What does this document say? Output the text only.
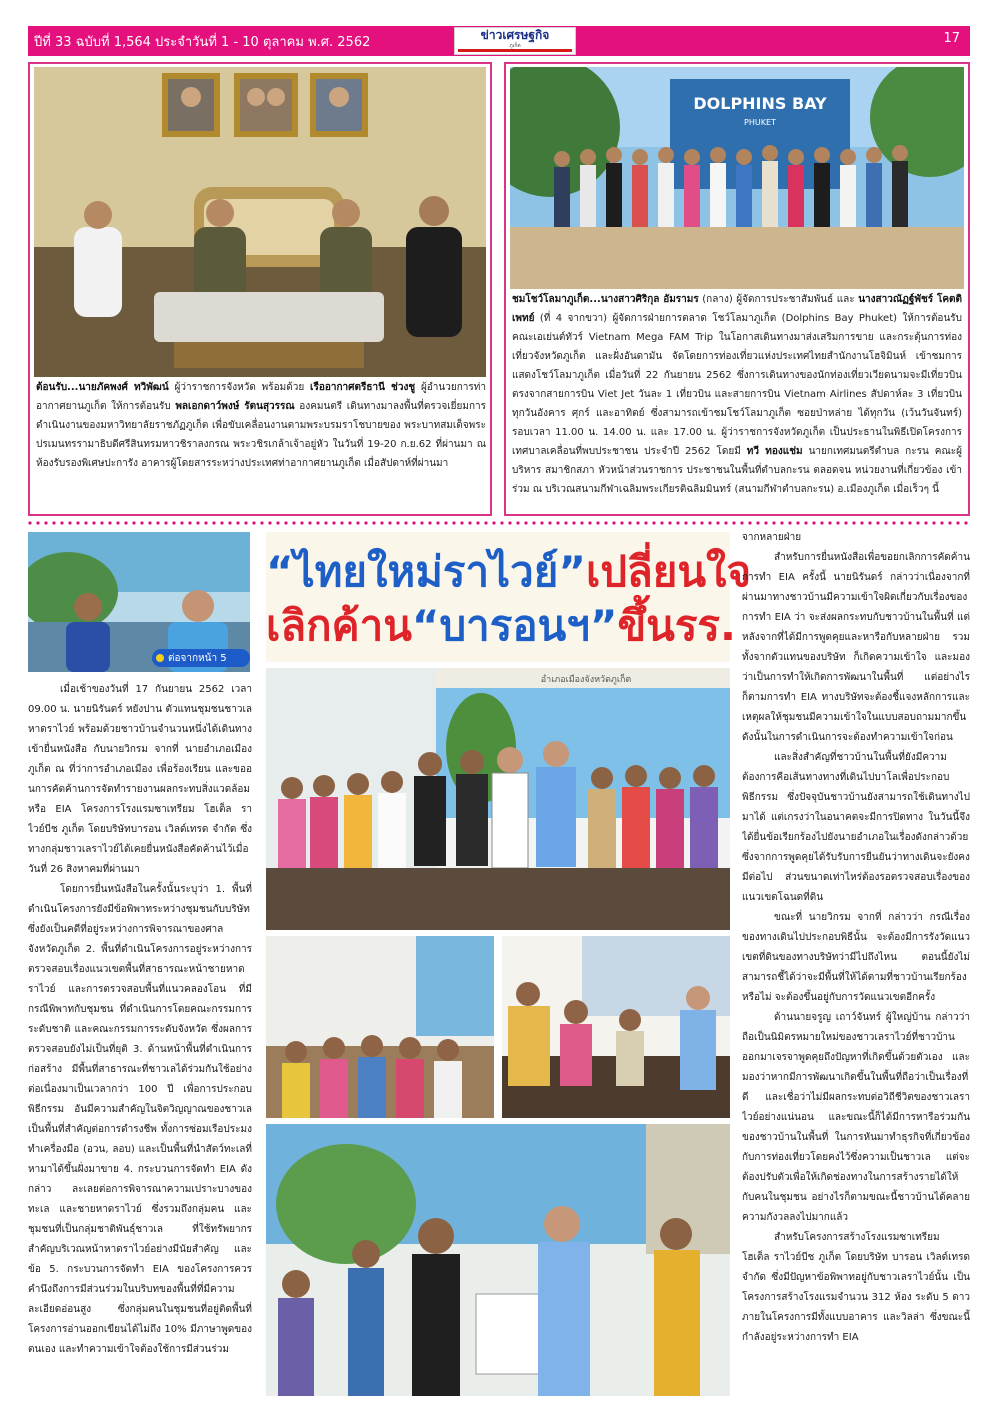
ปีที่ 33 ฉบับที่ 1,564 ประจำวันที่ 1 - 10 ตุลาคม พ.ศ. 2562	ข่าวเศรษฐกิจ
ภูเก็ต	17
ต้อนรับ...นายภัคพงศ์ ทวิพัฒน์ ผู้ว่าราชการจังหวัด พร้อมด้วย เรืออากาศตรีธานี ช่วงชู ผู้อำนวยการท่าอากาศยานภูเก็ต ให้การต้อนรับ พลเอกดาว์พงษ์ รัตนสุวรรณ องคมนตรี เดินทางมาลงพื้นที่ตรวจเยี่ยมการดำเนินงานของมหาวิทยาลัยราชภัฏภูเก็ต เพื่อขับเคลื่อนงานตามพระบรมราโชบายของ พระบาทสมเด็จพระปรเมนทรรามาธิบดีศรีสินทรมหาวชิราลงกรณ พระวชิรเกล้าเจ้าอยู่หัว ในวันที่ 19-20 ก.ย.62 ที่ผ่านมา ณ ห้องรับรองพิเศษปะการัง อาคารผู้โดยสารระหว่างประเทศท่าอากาศยานภูเก็ต เมื่อสัปดาห์ที่ผ่านมา
DOLPHINS BAY
PHUKET
ชมโชว์โลมาภูเก็ต...นางสาวศิริกุล อัมรามร (กลาง) ผู้จัดการประชาสัมพันธ์ และ นางสาวณัฏฐ์พัชร์ โคตติเพทย์ (ที่ 4 จากขวา) ผู้จัดการฝ่ายการตลาด โชว์โลมาภูเก็ต (Dolphins Bay Phuket) ให้การต้อนรับคณะเอเย่นต์ทัวร์ Vietnam Mega FAM Trip ในโอกาสเดินทางมาส่งเสริมการขาย และกระตุ้นการท่องเที่ยวจังหวัดภูเก็ต และฝั่งอันดามัน จัดโดยการท่องเที่ยวแห่งประเทศไทยสำนักงานโฮจิมินห์ เข้าชมการแสดงโชว์โลมาภูเก็ต เมื่อวันที่ 22 กันยายน 2562 ซึ่งการเดินทางของนักท่องเที่ยวเวียดนามจะมีเที่ยวบินตรงจากสายการบิน Viet Jet วันละ 1 เที่ยวบิน และสายการบิน Vietnam Airlines สัปดาห์ละ 3 เที่ยวบิน ทุกวันอังคาร ศุกร์ และอาทิตย์ ซึ่งสามารถเข้าชมโชว์โลมาภูเก็ต ซอยป่าหล่าย ได้ทุกวัน (เว้นวันจันทร์) รอบเวลา 11.00 น. 14.00 น. และ 17.00 น. ผู้ว่าราชการจังหวัดภูเก็ต เป็นประธานในพิธีเปิดโครงการเทศบาลเคลื่อนที่พบประชาชน ประจำปี 2562 โดยมี ทวี ทองแช่ม นายกเทศมนตรีตำบล กะรน คณะผู้บริหาร สมาชิกสภา หัวหน้าส่วนราชการ ประชาชนในพื้นที่ตำบลกะรน ตลอดจน หน่วยงานที่เกี่ยวข้อง เข้าร่วม ณ บริเวณสนามกีฬาเฉลิมพระเกียรติฉลิมมินทร์ (สนามกีฬาตำบลกะรน) อ.เมืองภูเก็ต เมื่อเร็วๆ นี้
ต่อจากหน้า 5
“ไทยใหม่ราไวย์”เปลี่ยนใจ
เลิกค้าน“บารอนฯ”ขึ้นรร.
อำเภอเมืองจังหวัดภูเก็ต

เมื่อเช้าของวันที่ 17 กันยายน 2562 เวลา 09.00 น. นายนิรันดร์ หยังปาน ตัวแทนชุมชนชาวเลหาดราไวย์ พร้อมด้วยชาวบ้านจำนวนหนึ่งได้เดินทางเข้ายื่นหนังสือ กับนายวิกรม จากที่ นายอำเภอเมืองภูเก็ต ณ ที่ว่าการอำเภอเมือง เพื่อร้องเรียน และขออนการคัดค้านการจัดทำรายงานผลกระทบสิ่งแวดล้อม หรือ EIA โครงการโรงแรมซาเทรียม โฮเต็ล ราไวย์บีช ภูเก็ต โดยบริษัทบารอน เวิลด์เทรด จำกัด ซึ่งทางกลุ่มชาวเลราไวย์ได้เคยยื่นหนังสือคัดค้านไว้เมื่อวันที่ 26 สิงหาคมที่ผ่านมา

โดยการยื่นหนังสือในครั้งนั้นระบุว่า 1. พื้นที่ดำเนินโครงการยังมีข้อพิพาทระหว่างชุมชนกับบริษัท ซึ่งยังเป็นคดีที่อยู่ระหว่างการพิจารณาของศาลจังหวัดภูเก็ต 2. พื้นที่ดำเนินโครงการอยู่ระหว่างการตรวจสอบเรื่องแนวเขตพื้นที่สาธารณะหน้าชายหาดราไวย์ และการตรวจสอบพื้นที่แนวคลองโอน ที่มีกรณีพิพาทกับชุมชน ที่ดำเนินการโดยคณะกรรมการระดับชาติ และคณะกรรมการระดับจังหวัด ซึ่งผลการตรวจสอบยังไม่เป็นที่ยุติ 3. ด้านหน้าพื้นที่ดำเนินการก่อสร้าง มีพื้นที่สาธารณะที่ชาวเลได้ร่วมกันใช้อย่างต่อเนื่องมาเป็นเวลากว่า 100 ปี เพื่อการประกอบพิธีกรรม อันมีความสำคัญในจิตวิญญาณของชาวเล เป็นพื้นที่สำคัญต่อการดำรงชีพ ทั้งการซ่อมเรือประมง ทำเครื่องมือ (อวน, ลอบ) และเป็นพื้นที่นำสัตว์ทะเลที่หามาได้ขึ้นฝั่งมาขาย 4. กระบวนการจัดทำ EIA ดังกล่าว ละเลยต่อการพิจารณาความเปราะบางของทะเล และชายหาดราไวย์ ซึ่งรวมถึงกลุ่มคน และชุมชนที่เป็นกลุ่มชาติพันธุ์ชาวเล ที่ใช้ทรัพยากรสำคัญบริเวณหน้าหาดราไวย์อย่างมีนัยสำคัญ และข้อ 5. กระบวนการจัดทำ EIA ของโครงการควรคำนึงถึงการมีส่วนร่วมในบริบทของพื้นที่ที่มีความละเอียดอ่อนสูง ซึ่งกลุ่มคนในชุมชนที่อยู่ติดพื้นที่โครงการอ่านออกเขียนได้ไม่ถึง 10% มีภาษาพูดของตนเอง และทำความเข้าใจต้องใช้การมีส่วนร่วม

จากหลายฝ่าย

สำหรับการยื่นหนังสือเพื่อขอยกเลิกการคัดค้านการทำ EIA ครั้งนี้ นายนิรันดร์ กล่าวว่าเนื่องจากที่ผ่านมาทางชาวบ้านมีความเข้าใจผิดเกี่ยวกับเรื่องของการทำ EIA ว่า จะส่งผลกระทบกับชาวบ้านในพื้นที่ แต่หลังจากที่ได้มีการพูดคุยและหารือกับหลายฝ่าย รวมทั้งจากตัวแทนของบริษัท ก็เกิดความเข้าใจ และมองว่าเป็นการทำให้เกิดการพัฒนาในพื้นที่ แต่อย่างไรก็ตามการทำ EIA ทางบริษัทจะต้องชี้แจงหลักการและเหตุผลให้ชุมชนมีความเข้าใจในแบบสอบถามมากขึ้น ดังนั้นในการดำเนินการจะต้องทำความเข้าใจก่อน

และสิ่งสำคัญที่ชาวบ้านในพื้นที่ยังมีความต้องการคือเส้นทางทางที่เดินไปบาโลเพื่อประกอบพิธีกรรม ซึ่งปัจจุบันชาวบ้านยังสามารถใช้เดินทางไปมาได้ แต่เกรงว่าในอนาคตจะมีการปิดทาง ในวันนี้จึงได้ยื่นข้อเรียกร้องไปยังนายอำเภอในเรื่องดังกล่าวด้วย ซึ่งจากการพูดคุยได้รับรับการยืนยันว่าทางเดินจะยังคงมีต่อไป ส่วนขนาดเท่าไหร่ต้องรอตรวจสอบเรื่องของแนวเขตโฉนดที่ดิน

ขณะที่ นายวิกรม จากที่ กล่าวว่า กรณีเรื่องของทางเดินไปประกอบพิธีนั้น จะต้องมีการรังวัดแนวเขตที่ดินของทางบริษัทว่ามีไปถึงไหน ตอนนี้ยังไม่สามารถชี้ได้ว่าจะมีพื้นที่ให้ได้ตามที่ชาวบ้านเรียกร้องหรือไม่ จะต้องขึ้นอยู่กับการวัดแนวเขตอีกครั้ง

ด้านนายจรูญ เถาว์จันทร์ ผู้ใหญ่บ้าน กล่าวว่า ถือเป็นนิมิตรหมายใหม่ของชาวเลราไวย์ที่ชาวบ้านออกมาเจรจาพูดคุยถึงปัญหาที่เกิดขึ้นด้วยตัวเอง และมองว่าหากมีการพัฒนาเกิดขึ้นในพื้นที่ถือว่าเป็นเรื่องที่ดี และเชื่อว่าไม่มีผลกระทบต่อวิถีชีวิตของชาวเลราไวย์อย่างแน่นอน และขณะนี้ก็ได้มีการหารือร่วมกันของชาวบ้านในพื้นที่ ในการหันมาทำธุรกิจที่เกี่ยวข้องกับการท่องเที่ยวโดยคงไว้ซึ่งความเป็นชาวเล แต่จะต้องปรับตัวเพื่อให้เกิดช่องทางในการสร้างรายได้ให้กับคนในชุมชน อย่างไรก็ตามขณะนี้ชาวบ้านได้คลายความกังวลลงไปมากแล้ว

สำหรับโครงการสร้างโรงแรมซาเทรียม โฮเต็ล ราไวย์บีช ภูเก็ต โดยบริษัท บารอน เวิลด์เทรด จำกัด ซึ่งมีปัญหาข้อพิพาทอยู่กับชาวเลราไวย์นั้น เป็นโครงการสร้างโรงแรมจำนวน 312 ห้อง ระดับ 5 ดาว ภายในโครงการมีทั้งแบบอาคาร และวิลล่า ซึ่งขณะนี้กำลังอยู่ระหว่างการทำ EIA
